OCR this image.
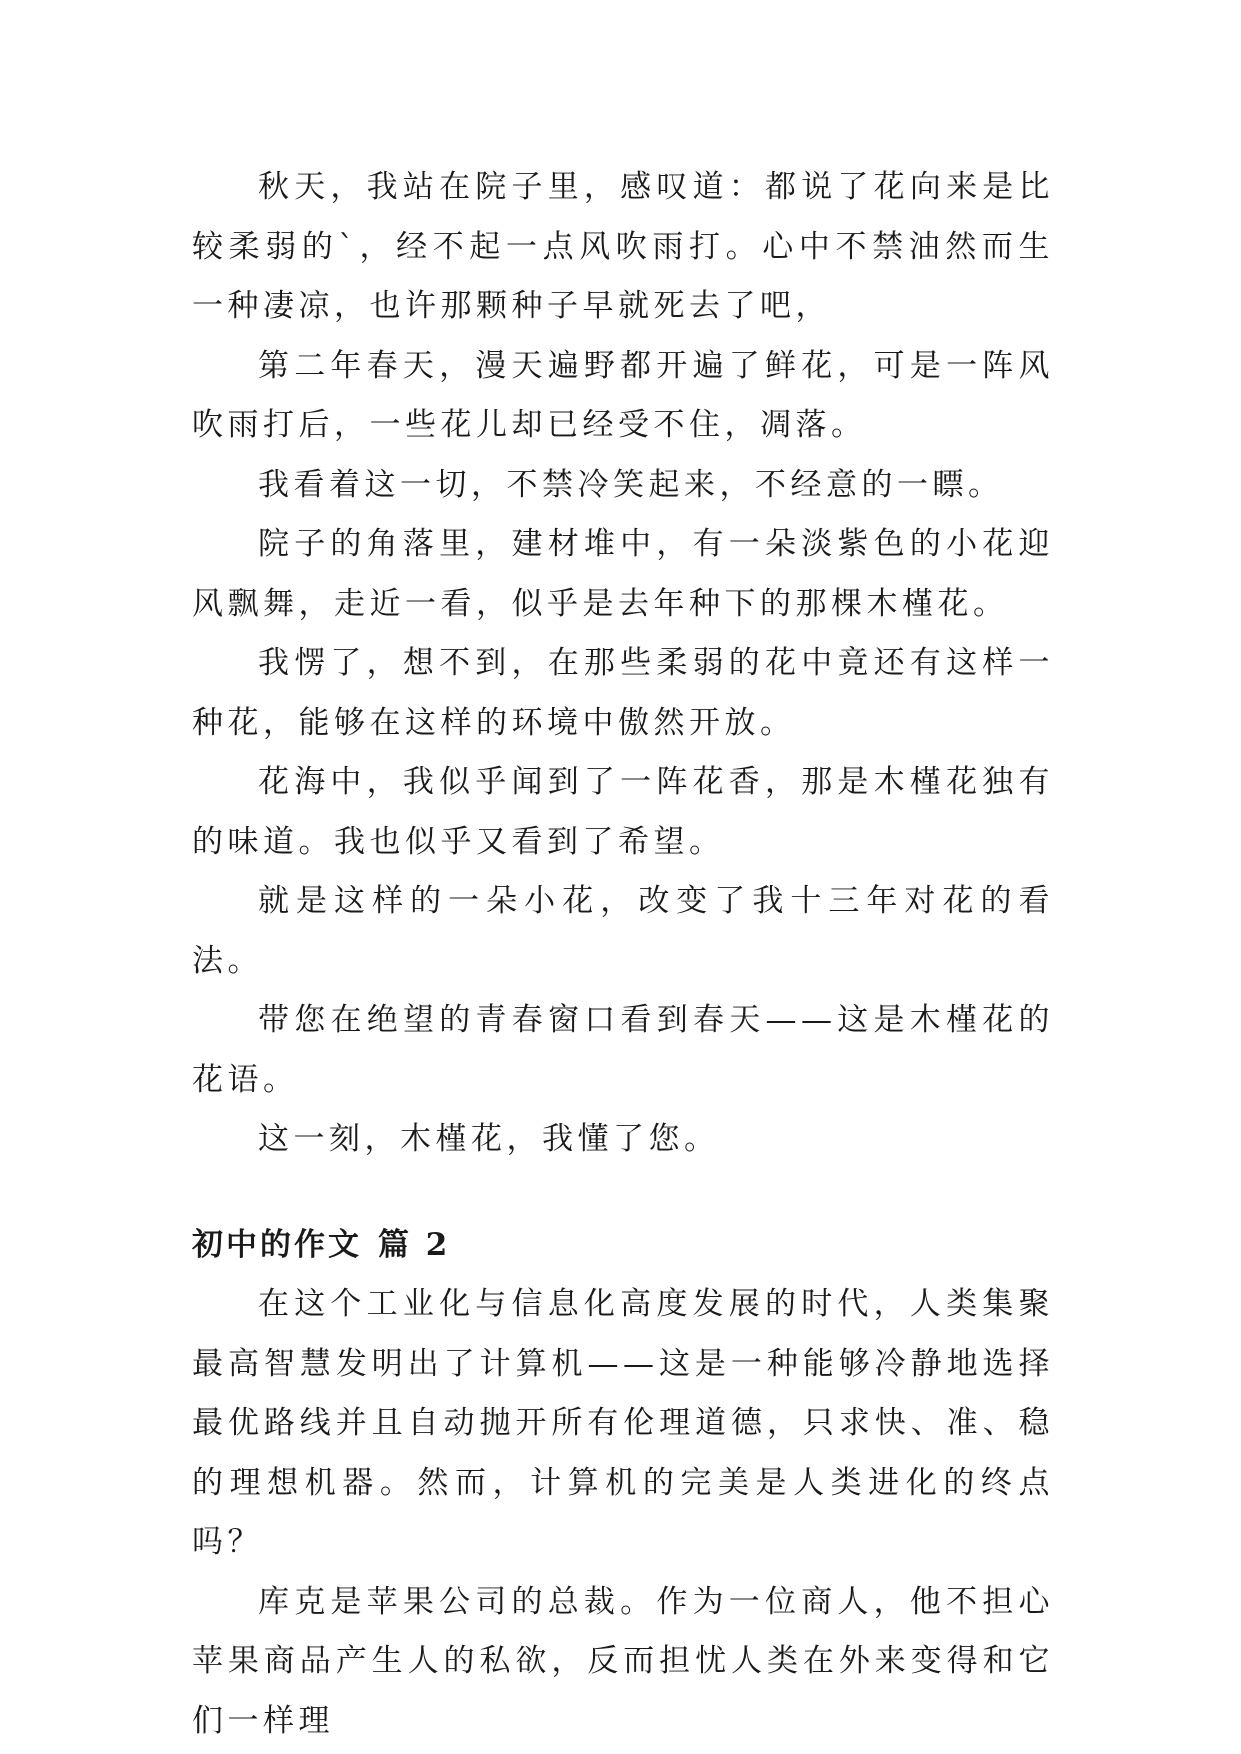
秋天，我站在院子里，感叹道：都说了花向来是比较柔弱的`，经不起一点风吹雨打。心中不禁油然而生一种凄凉，也许那颗种子早就死去了吧，

第二年春天，漫天遍野都开遍了鲜花，可是一阵风吹雨打后，一些花儿却已经受不住，凋落。

我看着这一切，不禁冷笑起来，不经意的一瞟。

院子的角落里，建材堆中，有一朵淡紫色的小花迎风飘舞，走近一看，似乎是去年种下的那棵木槿花。

我愣了，想不到，在那些柔弱的花中竟还有这样一种花，能够在这样的环境中傲然开放。

花海中，我似乎闻到了一阵花香，那是木槿花独有的味道。我也似乎又看到了希望。

就是这样的一朵小花，改变了我十三年对花的看法。

带您在绝望的青春窗口看到春天——这是木槿花的花语。

这一刻，木槿花，我懂了您。

初中的作文 篇 2

在这个工业化与信息化高度发展的时代，人类集聚最高智慧发明出了计算机——这是一种能够冷静地选择最优路线并且自动抛开所有伦理道德，只求快、准、稳的理想机器。然而，计算机的完美是人类进化的终点吗？

库克是苹果公司的总裁。作为一位商人，他不担心苹果商品产生人的私欲，反而担忧人类在外来变得和它们一样理
